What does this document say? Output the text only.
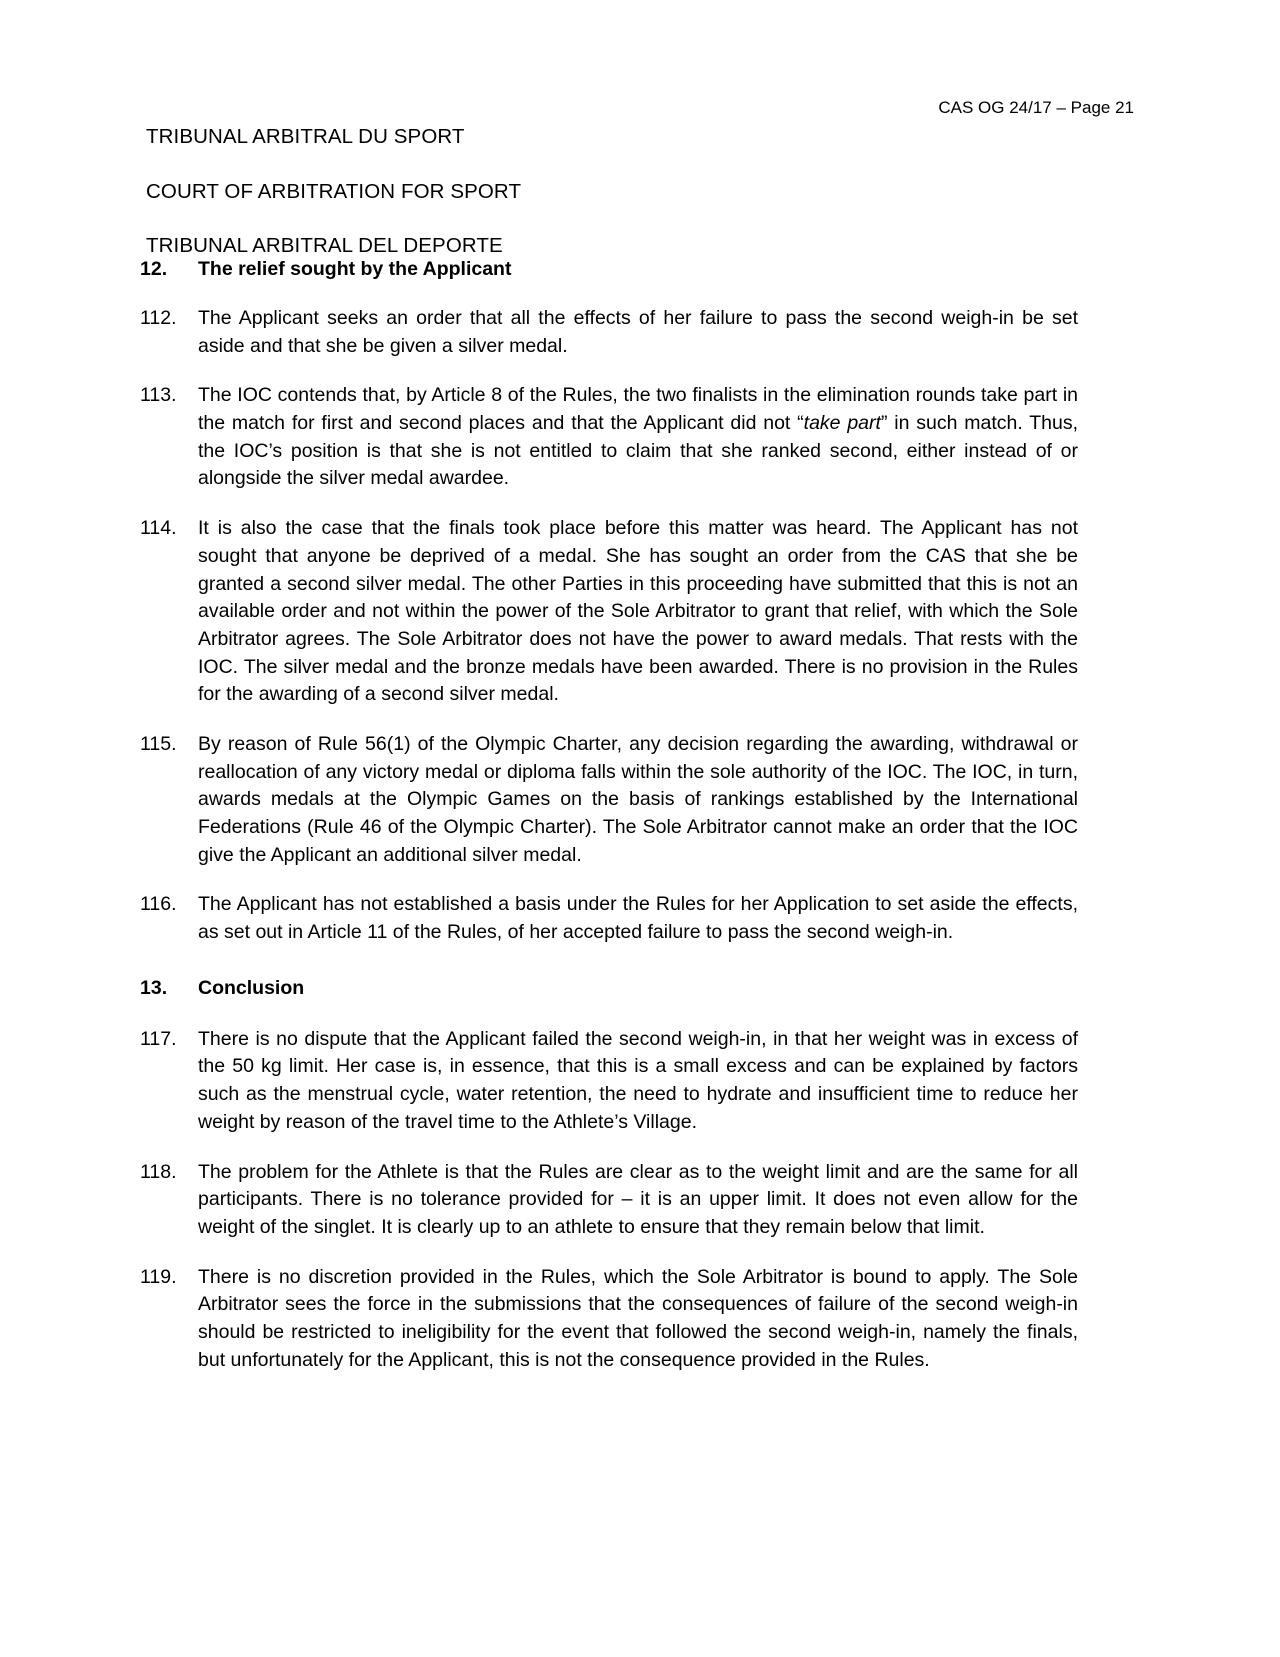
TRIBUNAL ARBITRAL DU SPORT

COURT OF ARBITRATION FOR SPORT

TRIBUNAL ARBITRAL DEL DEPORTE

CAS OG 24/17 – Page 21
12.	The relief sought by the Applicant
112.	The Applicant seeks an order that all the effects of her failure to pass the second weigh-in be set aside and that she be given a silver medal.
113.	The IOC contends that, by Article 8 of the Rules, the two finalists in the elimination rounds take part in the match for first and second places and that the Applicant did not “take part” in such match. Thus, the IOC’s position is that she is not entitled to claim that she ranked second, either instead of or alongside the silver medal awardee.
114.	It is also the case that the finals took place before this matter was heard. The Applicant has not sought that anyone be deprived of a medal. She has sought an order from the CAS that she be granted a second silver medal. The other Parties in this proceeding have submitted that this is not an available order and not within the power of the Sole Arbitrator to grant that relief, with which the Sole Arbitrator agrees. The Sole Arbitrator does not have the power to award medals. That rests with the IOC. The silver medal and the bronze medals have been awarded. There is no provision in the Rules for the awarding of a second silver medal.
115.	By reason of Rule 56(1) of the Olympic Charter, any decision regarding the awarding, withdrawal or reallocation of any victory medal or diploma falls within the sole authority of the IOC. The IOC, in turn, awards medals at the Olympic Games on the basis of rankings established by the International Federations (Rule 46 of the Olympic Charter). The Sole Arbitrator cannot make an order that the IOC give the Applicant an additional silver medal.
116.	The Applicant has not established a basis under the Rules for her Application to set aside the effects, as set out in Article 11 of the Rules, of her accepted failure to pass the second weigh-in.
13.	Conclusion
117.	There is no dispute that the Applicant failed the second weigh-in, in that her weight was in excess of the 50 kg limit. Her case is, in essence, that this is a small excess and can be explained by factors such as the menstrual cycle, water retention, the need to hydrate and insufficient time to reduce her weight by reason of the travel time to the Athlete’s Village.
118.	The problem for the Athlete is that the Rules are clear as to the weight limit and are the same for all participants. There is no tolerance provided for – it is an upper limit. It does not even allow for the weight of the singlet. It is clearly up to an athlete to ensure that they remain below that limit.
119.	There is no discretion provided in the Rules, which the Sole Arbitrator is bound to apply. The Sole Arbitrator sees the force in the submissions that the consequences of failure of the second weigh-in should be restricted to ineligibility for the event that followed the second weigh-in, namely the finals, but unfortunately for the Applicant, this is not the consequence provided in the Rules.
